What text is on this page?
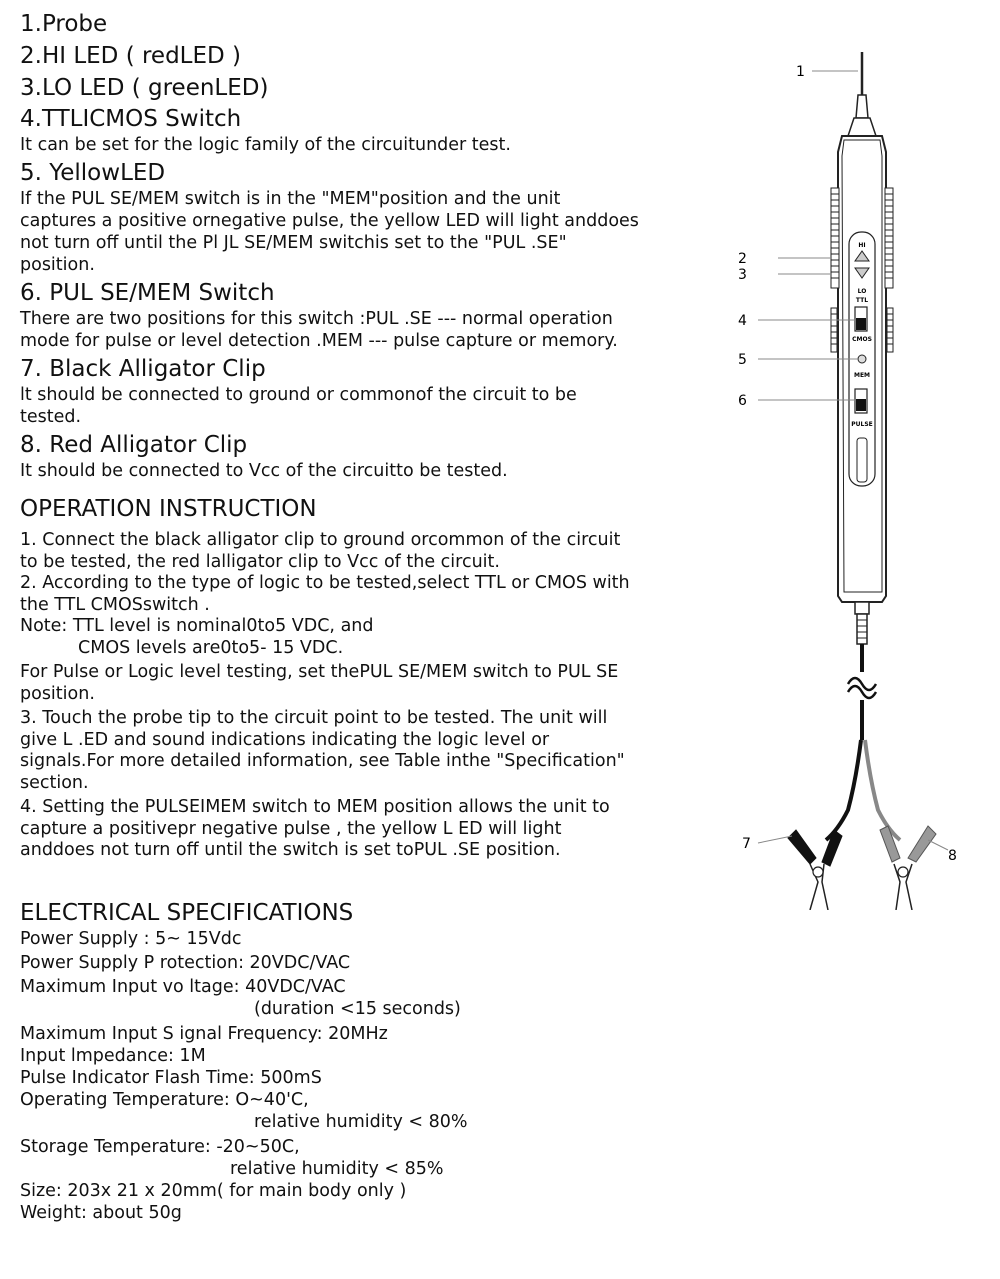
1.Probe
2.HI LED ( redLED )
3.LO LED ( greenLED)
4.TTLICMOS Switch

It can be set for the logic family of the circuitunder test.

5. YellowLED

If the PUL SE/MEM switch is in the "MEM"position and the unit captures a positive ornegative pulse, the yellow LED will light anddoes not turn off until the Pl JL SE/MEM switchis set to the "PUL .SE" position.

6. PUL SE/MEM Switch

There are two positions for this switch :PUL .SE --- normal operation mode for pulse or level detection .MEM --- pulse capture or memory.

7. Black Alligator Clip

lt should be connected to ground or commonof the circuit to be tested.

8. Red Alligator Clip

It should be connected to Vcc of the circuitto be tested.

OPERATION INSTRUCTION

1. Connect the black alligator clip to ground orcommon of the circuit to be tested, the red lalligator clip to Vcc of the circuit.

2. According to the type of logic to be tested,select TTL or CMOS with the TTL CMOSswitch .

Note: TTL level is nominal0to5 VDC, and

CMOS levels are0to5- 15 VDC.

For Pulse or Logic level testing, set thePUL SE/MEM switch to PUL SE position.

3. Touch the probe tip to the circuit point to be tested. The unit will give L .ED and sound indications indicating the logic level or signals.For more detailed information, see Table inthe "Specification" section.

4. Setting the PULSEIMEM switch to MEM position allows the unit to capture a positivepr negative pulse , the yellow L ED will light anddoes not turn off until the switch is set toPUL .SE position.

ELECTRICAL SPECIFICATIONS

Power Supply : 5~ 15Vdc

Power Supply P rotection: 20VDC/VAC

Maximum Input vo ltage: 40VDC/VAC

(duration <15 seconds)

Maximum Input S ignal Frequency: 20MHz

Input lmpedance: 1M

Pulse Indicator Flash Time: 500mS

Operating Temperature: O~40'C,

relative humidity < 80%

Storage Temperature: -20~50C,

relative humidity < 85%

Size: 203x 21 x 20mm( for main body only )

Weight: about 50g

HI
LO
TTL
CMOS
MEM
PULSE
1
2
3
4
5
6
7
8
